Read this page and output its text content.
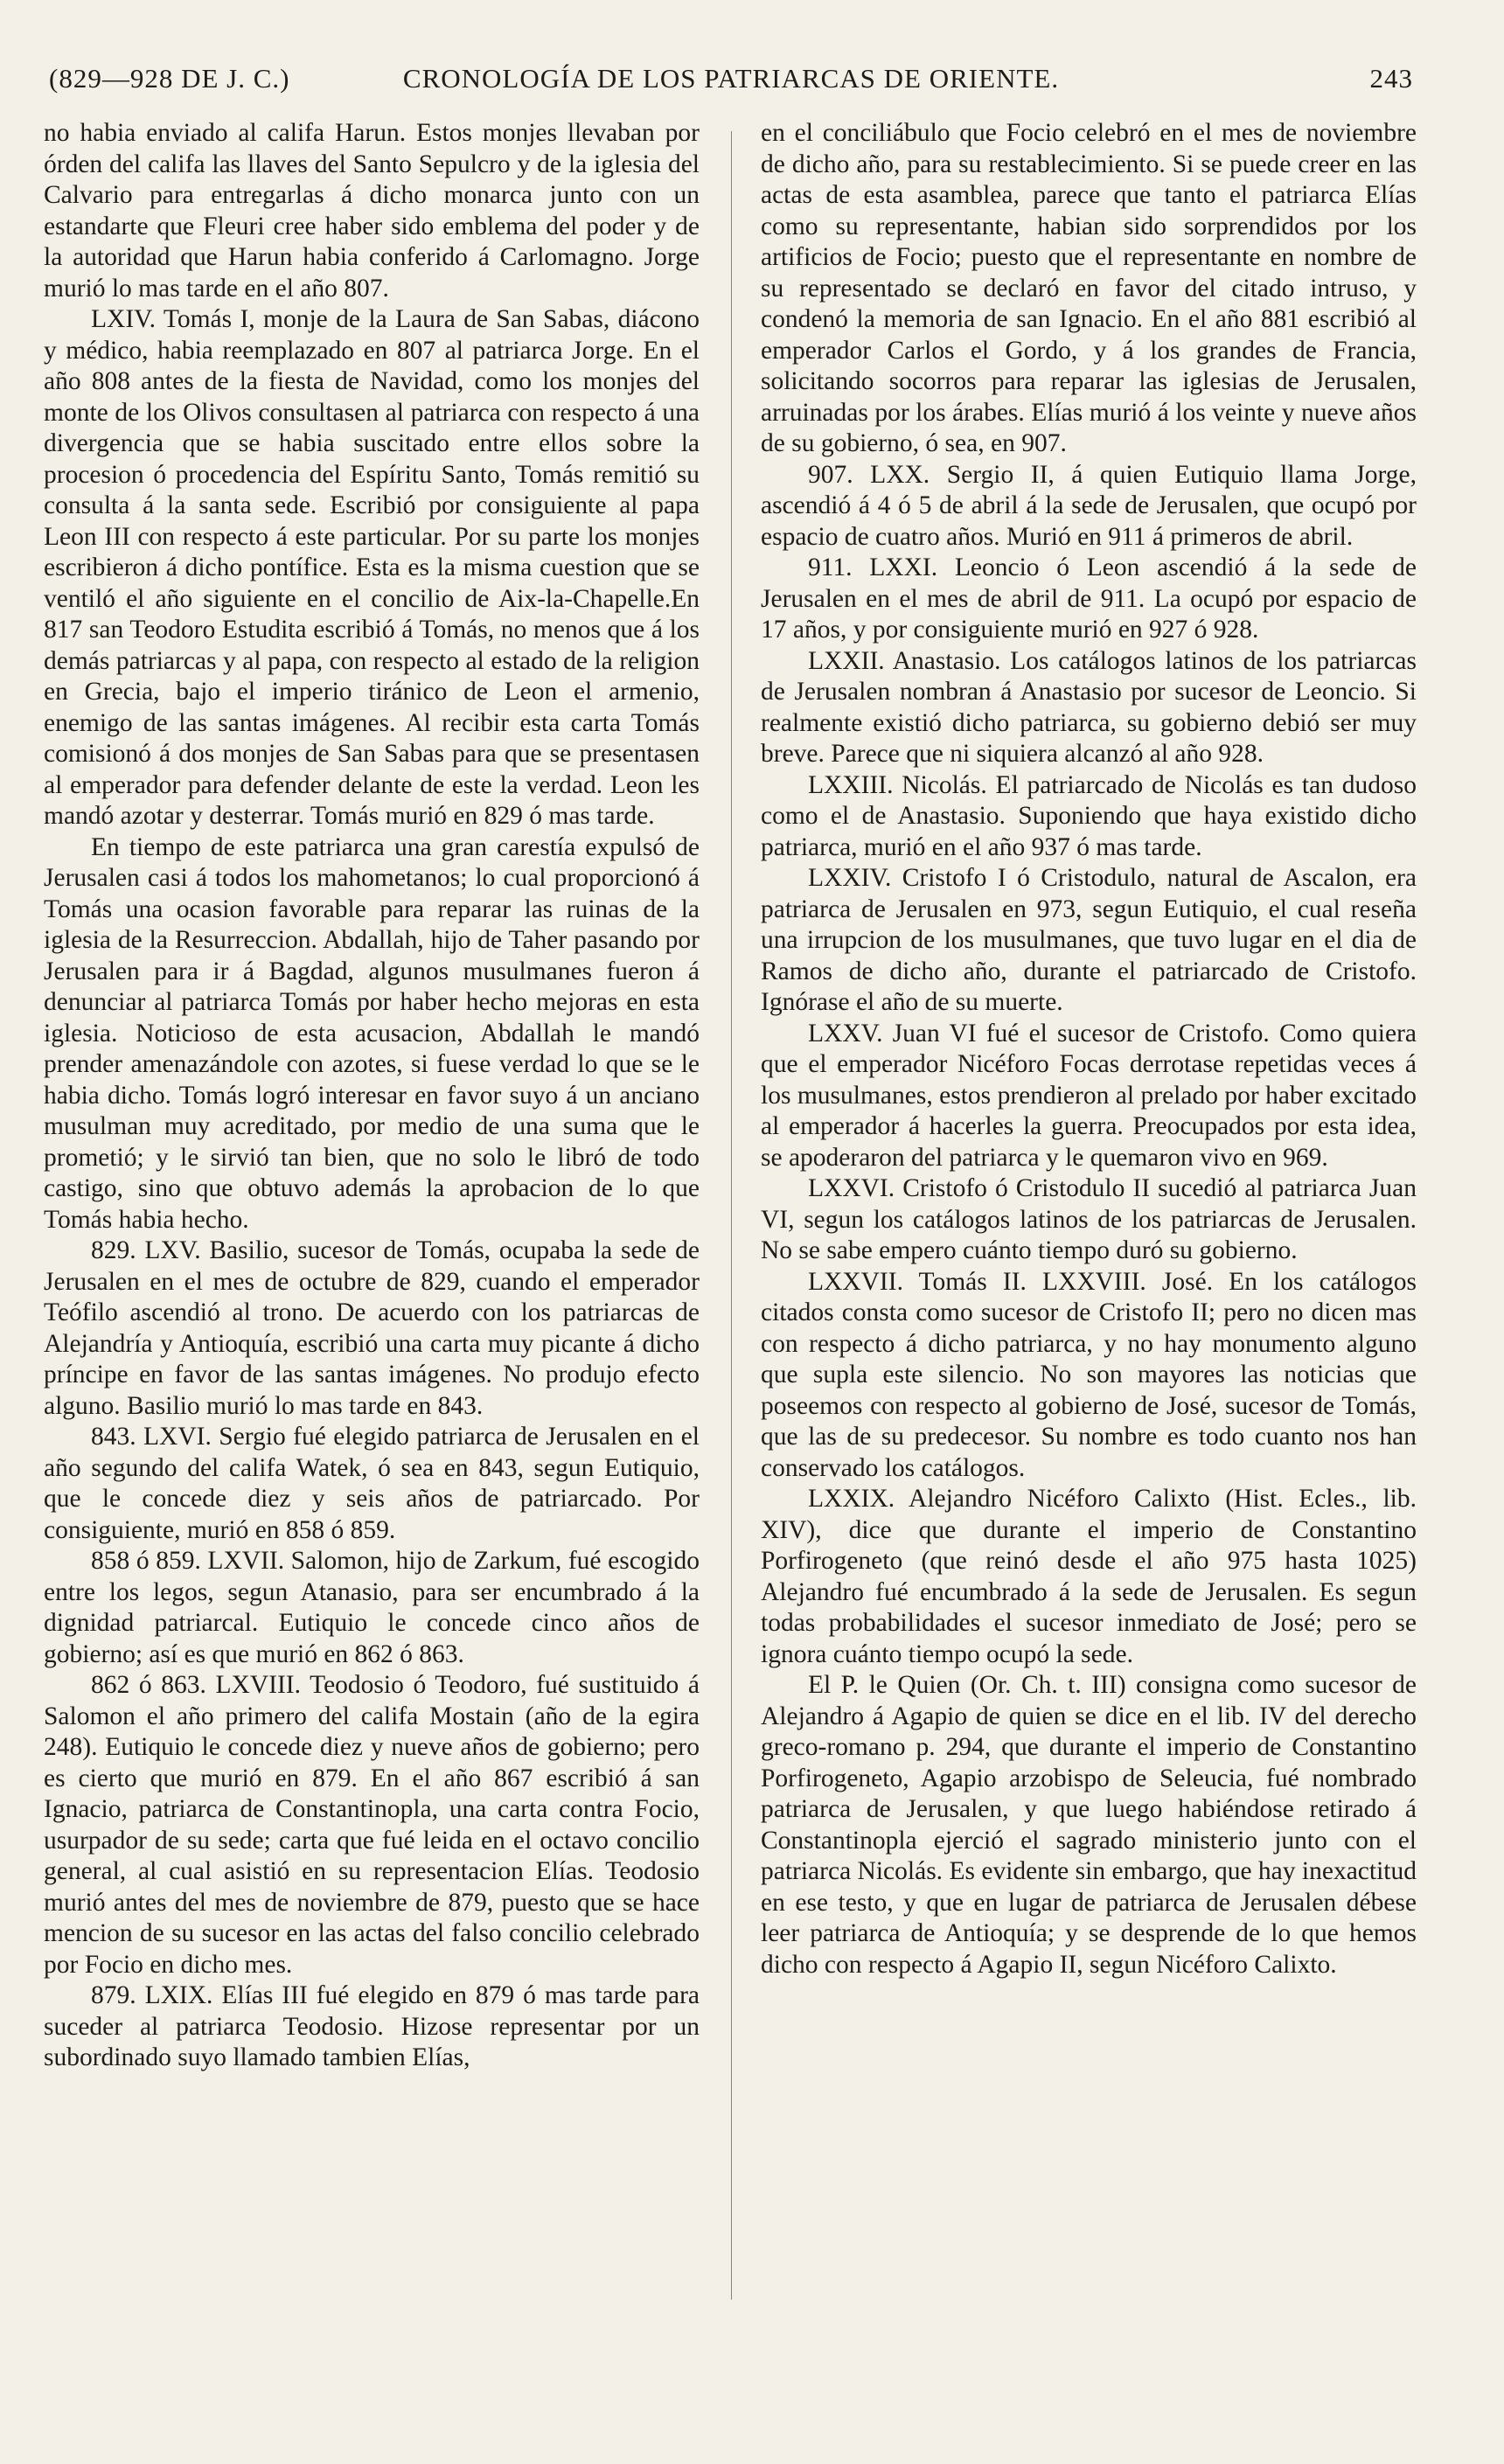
(829—928 DE J. C.)	CRONOLOGÍA DE LOS PATRIARCAS DE ORIENTE.	243

no habia enviado al califa Harun. Estos monjes llevaban por órden del califa las llaves del Santo Sepulcro y de la iglesia del Calvario para entregarlas á dicho monarca junto con un estandarte que Fleuri cree haber sido emblema del poder y de la autoridad que Harun habia conferido á Carlomagno. Jorge murió lo mas tarde en el año 807.

LXIV. Tomás I, monje de la Laura de San Sabas, diácono y médico, habia reemplazado en 807 al patriarca Jorge. En el año 808 antes de la fiesta de Navidad, como los monjes del monte de los Olivos consultasen al patriarca con respecto á una divergencia que se habia suscitado entre ellos sobre la procesion ó procedencia del Espíritu Santo, Tomás remitió su consulta á la santa sede. Escribió por consiguiente al papa Leon III con respecto á este particular. Por su parte los monjes escribieron á dicho pontífice. Esta es la misma cuestion que se ventiló el año siguiente en el concilio de Aix-la-Chapelle.En 817 san Teodoro Estudita escribió á Tomás, no menos que á los demás patriarcas y al papa, con respecto al estado de la religion en Grecia, bajo el imperio tiránico de Leon el armenio, enemigo de las santas imágenes. Al recibir esta carta Tomás comisionó á dos monjes de San Sabas para que se presentasen al emperador para defender delante de este la verdad. Leon les mandó azotar y desterrar. Tomás murió en 829 ó mas tarde.

En tiempo de este patriarca una gran carestía expulsó de Jerusalen casi á todos los mahometanos; lo cual proporcionó á Tomás una ocasion favorable para reparar las ruinas de la iglesia de la Resurreccion. Abdallah, hijo de Taher pasando por Jerusalen para ir á Bagdad, algunos musulmanes fueron á denunciar al patriarca Tomás por haber hecho mejoras en esta iglesia. Noticioso de esta acusacion, Abdallah le mandó prender amenazándole con azotes, si fuese verdad lo que se le habia dicho. Tomás logró interesar en favor suyo á un anciano musulman muy acreditado, por medio de una suma que le prometió; y le sirvió tan bien, que no solo le libró de todo castigo, sino que obtuvo además la aprobacion de lo que Tomás habia hecho.

829. LXV. Basilio, sucesor de Tomás, ocupaba la sede de Jerusalen en el mes de octubre de 829, cuando el emperador Teófilo ascendió al trono. De acuerdo con los patriarcas de Alejandría y Antioquía, escribió una carta muy picante á dicho príncipe en favor de las santas imágenes. No produjo efecto alguno. Basilio murió lo mas tarde en 843.

843. LXVI. Sergio fué elegido patriarca de Jerusalen en el año segundo del califa Watek, ó sea en 843, segun Eutiquio, que le concede diez y seis años de patriarcado. Por consiguiente, murió en 858 ó 859.

858 ó 859. LXVII. Salomon, hijo de Zarkum, fué escogido entre los legos, segun Atanasio, para ser encumbrado á la dignidad patriarcal. Eutiquio le concede cinco años de gobierno; así es que murió en 862 ó 863.

862 ó 863. LXVIII. Teodosio ó Teodoro, fué sustituido á Salomon el año primero del califa Mostain (año de la egira 248). Eutiquio le concede diez y nueve años de gobierno; pero es cierto que murió en 879. En el año 867 escribió á san Ignacio, patriarca de Constantinopla, una carta contra Focio, usurpador de su sede; carta que fué leida en el octavo concilio general, al cual asistió en su representacion Elías. Teodosio murió antes del mes de noviembre de 879, puesto que se hace mencion de su sucesor en las actas del falso concilio celebrado por Focio en dicho mes.

879. LXIX. Elías III fué elegido en 879 ó mas tarde para suceder al patriarca Teodosio. Hizose representar por un subordinado suyo llamado tambien Elías,

en el conciliábulo que Focio celebró en el mes de noviembre de dicho año, para su restablecimiento. Si se puede creer en las actas de esta asamblea, parece que tanto el patriarca Elías como su representante, habian sido sorprendidos por los artificios de Focio; puesto que el representante en nombre de su representado se declaró en favor del citado intruso, y condenó la memoria de san Ignacio. En el año 881 escribió al emperador Carlos el Gordo, y á los grandes de Francia, solicitando socorros para reparar las iglesias de Jerusalen, arruinadas por los árabes. Elías murió á los veinte y nueve años de su gobierno, ó sea, en 907.

907. LXX. Sergio II, á quien Eutiquio llama Jorge, ascendió á 4 ó 5 de abril á la sede de Jerusalen, que ocupó por espacio de cuatro años. Murió en 911 á primeros de abril.

911. LXXI. Leoncio ó Leon ascendió á la sede de Jerusalen en el mes de abril de 911. La ocupó por espacio de 17 años, y por consiguiente murió en 927 ó 928.

LXXII. Anastasio. Los catálogos latinos de los patriarcas de Jerusalen nombran á Anastasio por sucesor de Leoncio. Si realmente existió dicho patriarca, su gobierno debió ser muy breve. Parece que ni siquiera alcanzó al año 928.

LXXIII. Nicolás. El patriarcado de Nicolás es tan dudoso como el de Anastasio. Suponiendo que haya existido dicho patriarca, murió en el año 937 ó mas tarde.

LXXIV. Cristofo I ó Cristodulo, natural de Ascalon, era patriarca de Jerusalen en 973, segun Eutiquio, el cual reseña una irrupcion de los musulmanes, que tuvo lugar en el dia de Ramos de dicho año, durante el patriarcado de Cristofo. Ignórase el año de su muerte.

LXXV. Juan VI fué el sucesor de Cristofo. Como quiera que el emperador Nicéforo Focas derrotase repetidas veces á los musulmanes, estos prendieron al prelado por haber excitado al emperador á hacerles la guerra. Preocupados por esta idea, se apoderaron del patriarca y le quemaron vivo en 969.

LXXVI. Cristofo ó Cristodulo II sucedió al patriarca Juan VI, segun los catálogos latinos de los patriarcas de Jerusalen. No se sabe empero cuánto tiempo duró su gobierno.

LXXVII. Tomás II. LXXVIII. José. En los catálogos citados consta como sucesor de Cristofo II; pero no dicen mas con respecto á dicho patriarca, y no hay monumento alguno que supla este silencio. No son mayores las noticias que poseemos con respecto al gobierno de José, sucesor de Tomás, que las de su predecesor. Su nombre es todo cuanto nos han conservado los catálogos.

LXXIX. Alejandro Nicéforo Calixto (Hist. Ecles., lib. XIV), dice que durante el imperio de Constantino Porfirogeneto (que reinó desde el año 975 hasta 1025) Alejandro fué encumbrado á la sede de Jerusalen. Es segun todas probabilidades el sucesor inmediato de José; pero se ignora cuánto tiempo ocupó la sede.

El P. le Quien (Or. Ch. t. III) consigna como sucesor de Alejandro á Agapio de quien se dice en el lib. IV del derecho greco-romano p. 294, que durante el imperio de Constantino Porfirogeneto, Agapio arzobispo de Seleucia, fué nombrado patriarca de Jerusalen, y que luego habiéndose retirado á Constantinopla ejerció el sagrado ministerio junto con el patriarca Nicolás. Es evidente sin embargo, que hay inexactitud en ese testo, y que en lugar de patriarca de Jerusalen débese leer patriarca de Antioquía; y se desprende de lo que hemos dicho con respecto á Agapio II, segun Nicéforo Calixto.
